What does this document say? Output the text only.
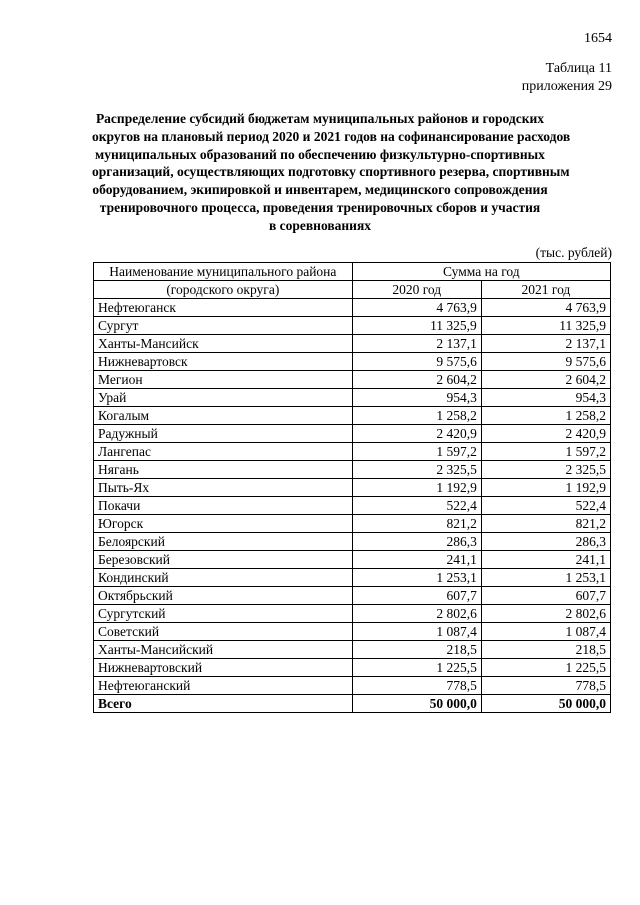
1654
Таблица 11
приложения 29
Распределение субсидий бюджетам муниципальных районов и городских
округов на плановый период 2020 и 2021 годов на софинансирование расходов
муниципальных образований по обеспечению физкультурно-спортивных
организаций, осуществляющих подготовку спортивного резерва, спортивным
оборудованием, экипировкой и инвентарем, медицинского сопровождения
тренировочного процесса, проведения тренировочных сборов и участия
в соревнованиях
(тыс. рублей)
Наименование муниципального района	Сумма на год	
(городского округа)	2020 год	2021 год
Нефтеюганск	4 763,9	4 763,9
Сургут	11 325,9	11 325,9
Ханты-Мансийск	2 137,1	2 137,1
Нижневартовск	9 575,6	9 575,6
Мегион	2 604,2	2 604,2
Урай	954,3	954,3
Когалым	1 258,2	1 258,2
Радужный	2 420,9	2 420,9
Лангепас	1 597,2	1 597,2
Нягань	2 325,5	2 325,5
Пыть-Ях	1 192,9	1 192,9
Покачи	522,4	522,4
Югорск	821,2	821,2
Белоярский	286,3	286,3
Березовский	241,1	241,1
Кондинский	1 253,1	1 253,1
Октябрьский	607,7	607,7
Сургутский	2 802,6	2 802,6
Советский	1 087,4	1 087,4
Ханты-Мансийский	218,5	218,5
Нижневартовский	1 225,5	1 225,5
Нефтеюганский	778,5	778,5
Всего	50 000,0	50 000,0
